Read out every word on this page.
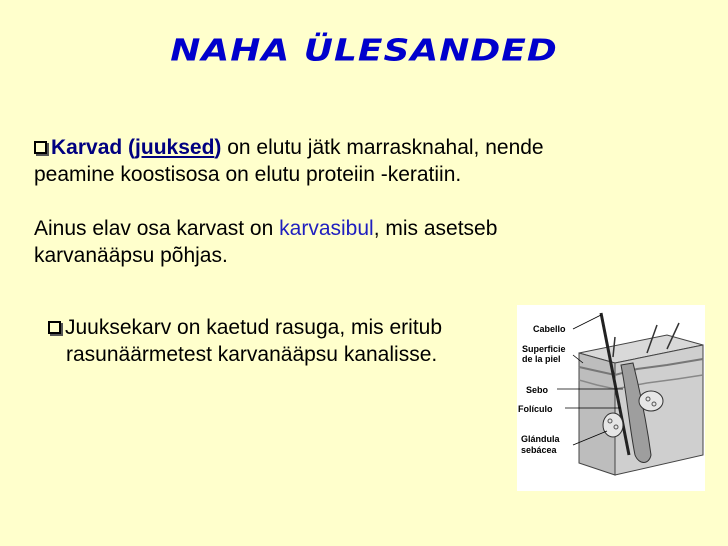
NAHA ÜLESANDED
Karvad (juuksed) on elutu jätk marrasknahal, nende
peamine koostisosa on elutu proteiin -keratiin.
Ainus elav osa karvast on karvasibul, mis asetseb
karvanääpsu põhjas.
Juuksekarv on kaetud rasuga, mis eritub
rasunäärmetest karvanääpsu kanalisse.
Cabello
Superficie
de la piel
Sebo
Folículo
Glándula
sebácea
